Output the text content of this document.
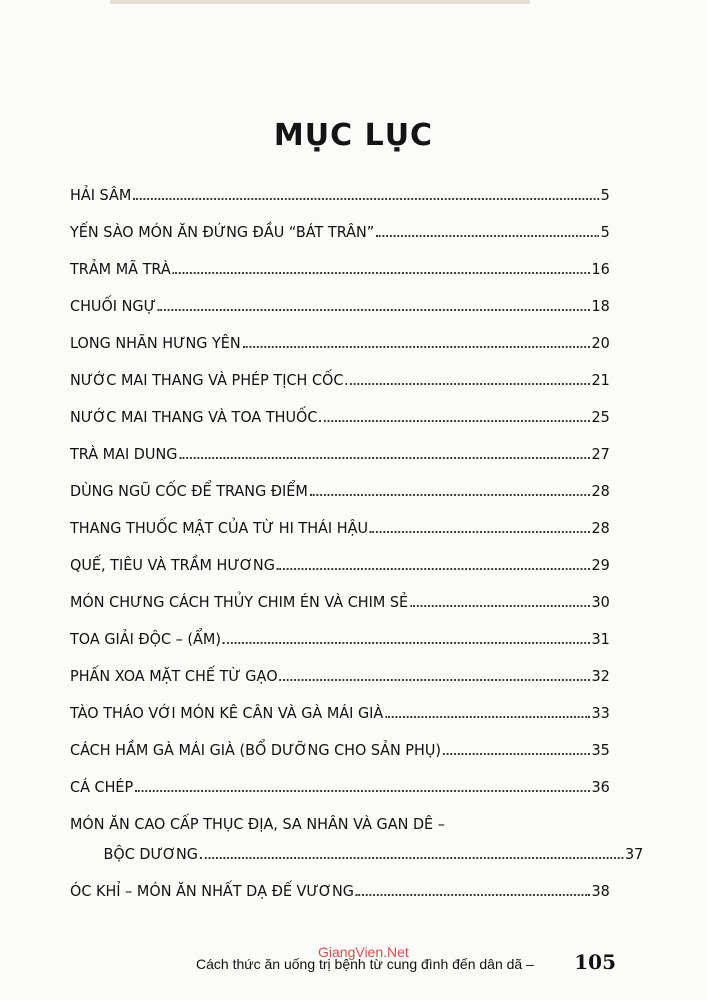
MỤC LỤC
HẢI SÂM	5
YẾN SÀO MÓN ĂN ĐỨNG ĐẦU “BÁT TRÂN”	5
TRẢM MÃ TRÀ	16
CHUỐI NGỰ	18
LONG NHÃN HƯNG YÊN	20
NƯỚC MAI THANG VÀ PHÉP TỊCH CỐC	21
NƯỚC MAI THANG VÀ TOA THUỐC	25
TRÀ MAI DUNG	27
DÙNG NGŨ CỐC ĐỂ TRANG ĐIỂM	28
THANG THUỐC MẬT CỦA TỪ HI THÁI HẬU	28
QUẾ, TIÊU VÀ TRẦM HƯƠNG	29
MÓN CHƯNG CÁCH THỦY CHIM ÉN VÀ CHIM SẺ	30
TOA GIẢI ĐỘC – (ẨM)	31
PHẤN XOA MẶT CHẾ TỪ GẠO	32
TÀO THÁO VỚI MÓN KÊ CÂN VÀ GÀ MÁI GIÀ	33
CÁCH HẦM GÀ MÁI GIÀ (BỔ DƯỠNG CHO SẢN PHỤ)	35
CÁ CHÉP	36
MÓN ĂN CAO CẤP THỤC ĐỊA, SA NHÂN VÀ GAN DÊ –
BỘC DƯƠNG	37
ÓC KHỈ – MÓN ĂN NHẤT DẠ ĐẾ VƯƠNG	38
Cách thức ăn uống trị bệnh từ cung đình đến dân dã –	105
GiangVien.Net
